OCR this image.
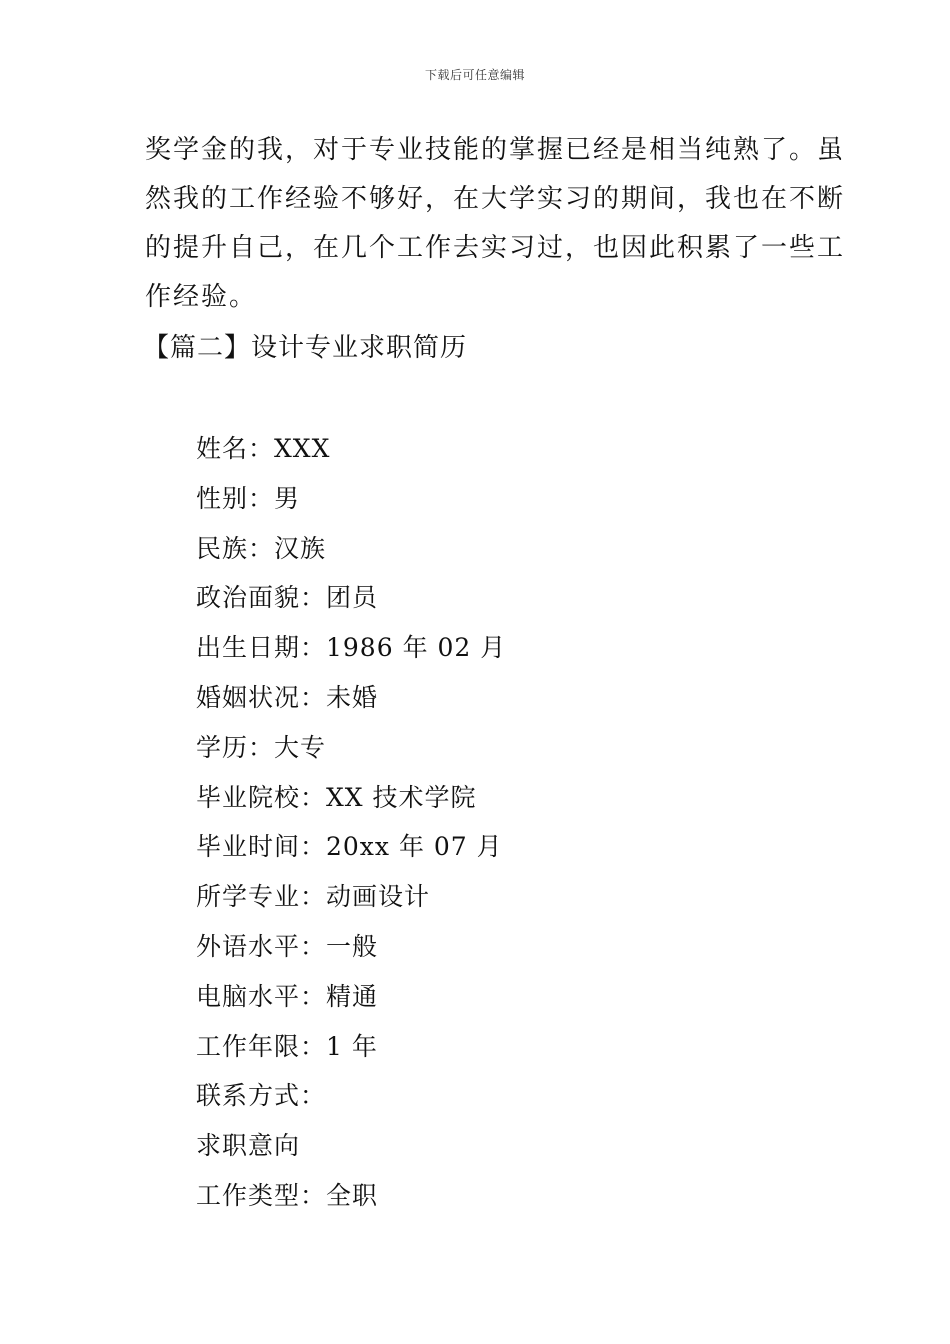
下载后可任意编辑
奖学金的我，对于专业技能的掌握已经是相当纯熟了。虽
然我的工作经验不够好，在大学实习的期间，我也在不断
的提升自己，在几个工作去实习过，也因此积累了一些工
作经验。
【篇二】设计专业求职简历
姓名：XXX
性别：男
民族：汉族
政治面貌：团员
出生日期：1986 年 02 月
婚姻状况：未婚
学历：大专
毕业院校：XX 技术学院
毕业时间：20xx 年 07 月
所学专业：动画设计
外语水平：一般
电脑水平：精通
工作年限：1 年
联系方式：
求职意向
工作类型：全职
